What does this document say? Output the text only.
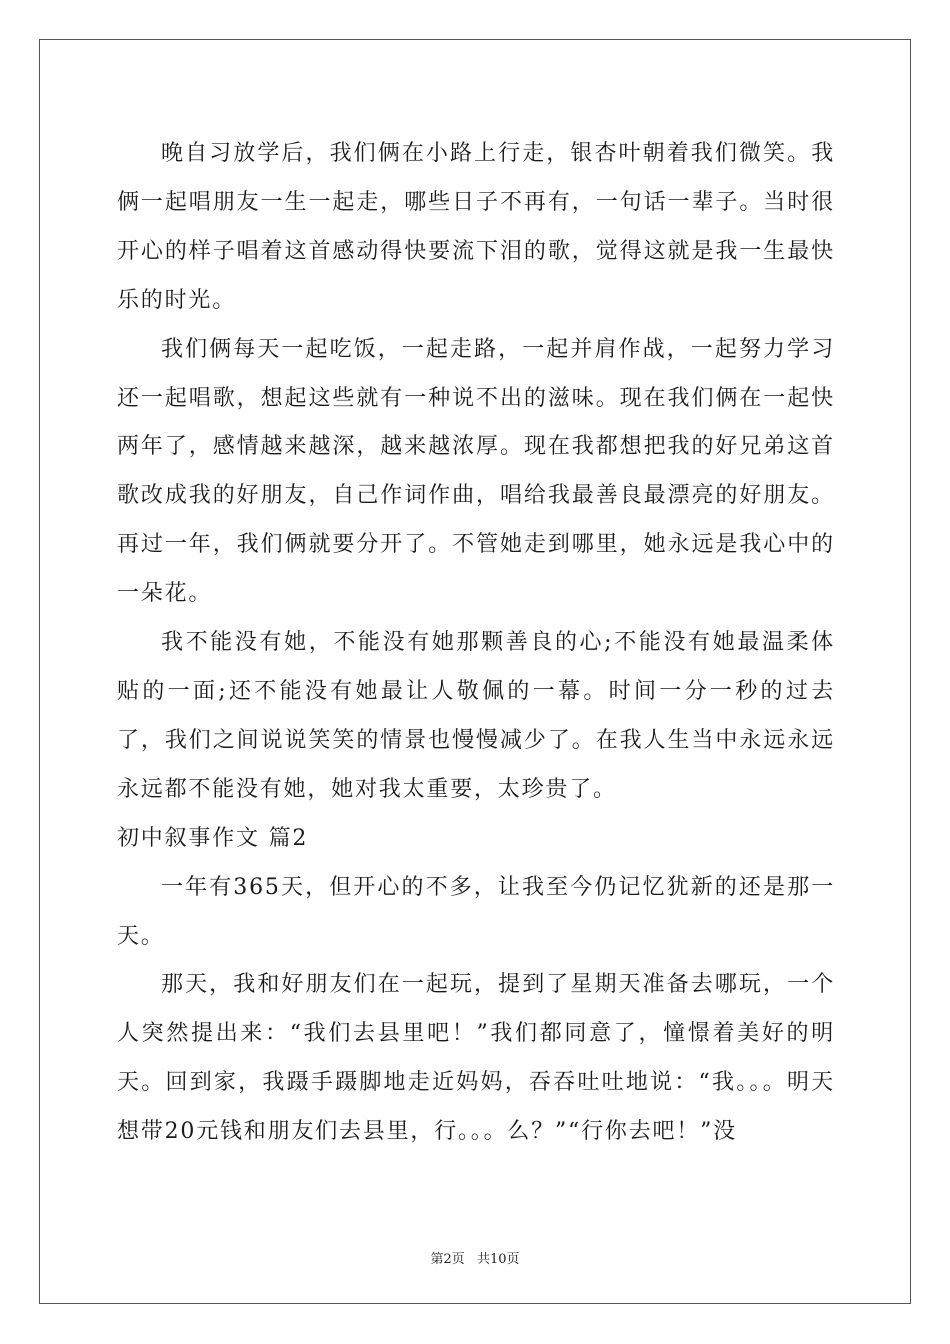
晚自习放学后，我们俩在小路上行走，银杏叶朝着我们微笑。我俩一起唱朋友一生一起走，哪些日子不再有，一句话一辈子。当时很开心的样子唱着这首感动得快要流下泪的歌，觉得这就是我一生最快乐的时光。

我们俩每天一起吃饭，一起走路，一起并肩作战，一起努力学习还一起唱歌，想起这些就有一种说不出的滋味。现在我们俩在一起快两年了，感情越来越深，越来越浓厚。现在我都想把我的好兄弟这首歌改成我的好朋友，自己作词作曲，唱给我最善良最漂亮的好朋友。再过一年，我们俩就要分开了。不管她走到哪里，她永远是我心中的一朵花。

我不能没有她，不能没有她那颗善良的心;不能没有她最温柔体贴的一面;还不能没有她最让人敬佩的一幕。时间一分一秒的过去了，我们之间说说笑笑的情景也慢慢减少了。在我人生当中永远永远永远都不能没有她，她对我太重要，太珍贵了。

初中叙事作文 篇2

一年有365天，但开心的不多，让我至今仍记忆犹新的还是那一天。

那天，我和好朋友们在一起玩，提到了星期天准备去哪玩，一个人突然提出来：“我们去县里吧！”我们都同意了，憧憬着美好的明天。回到家，我蹑手蹑脚地走近妈妈，吞吞吐吐地说：“我。。。明天想带20元钱和朋友们去县里，行。。。么？”“行你去吧！”没

第2页 共10页
